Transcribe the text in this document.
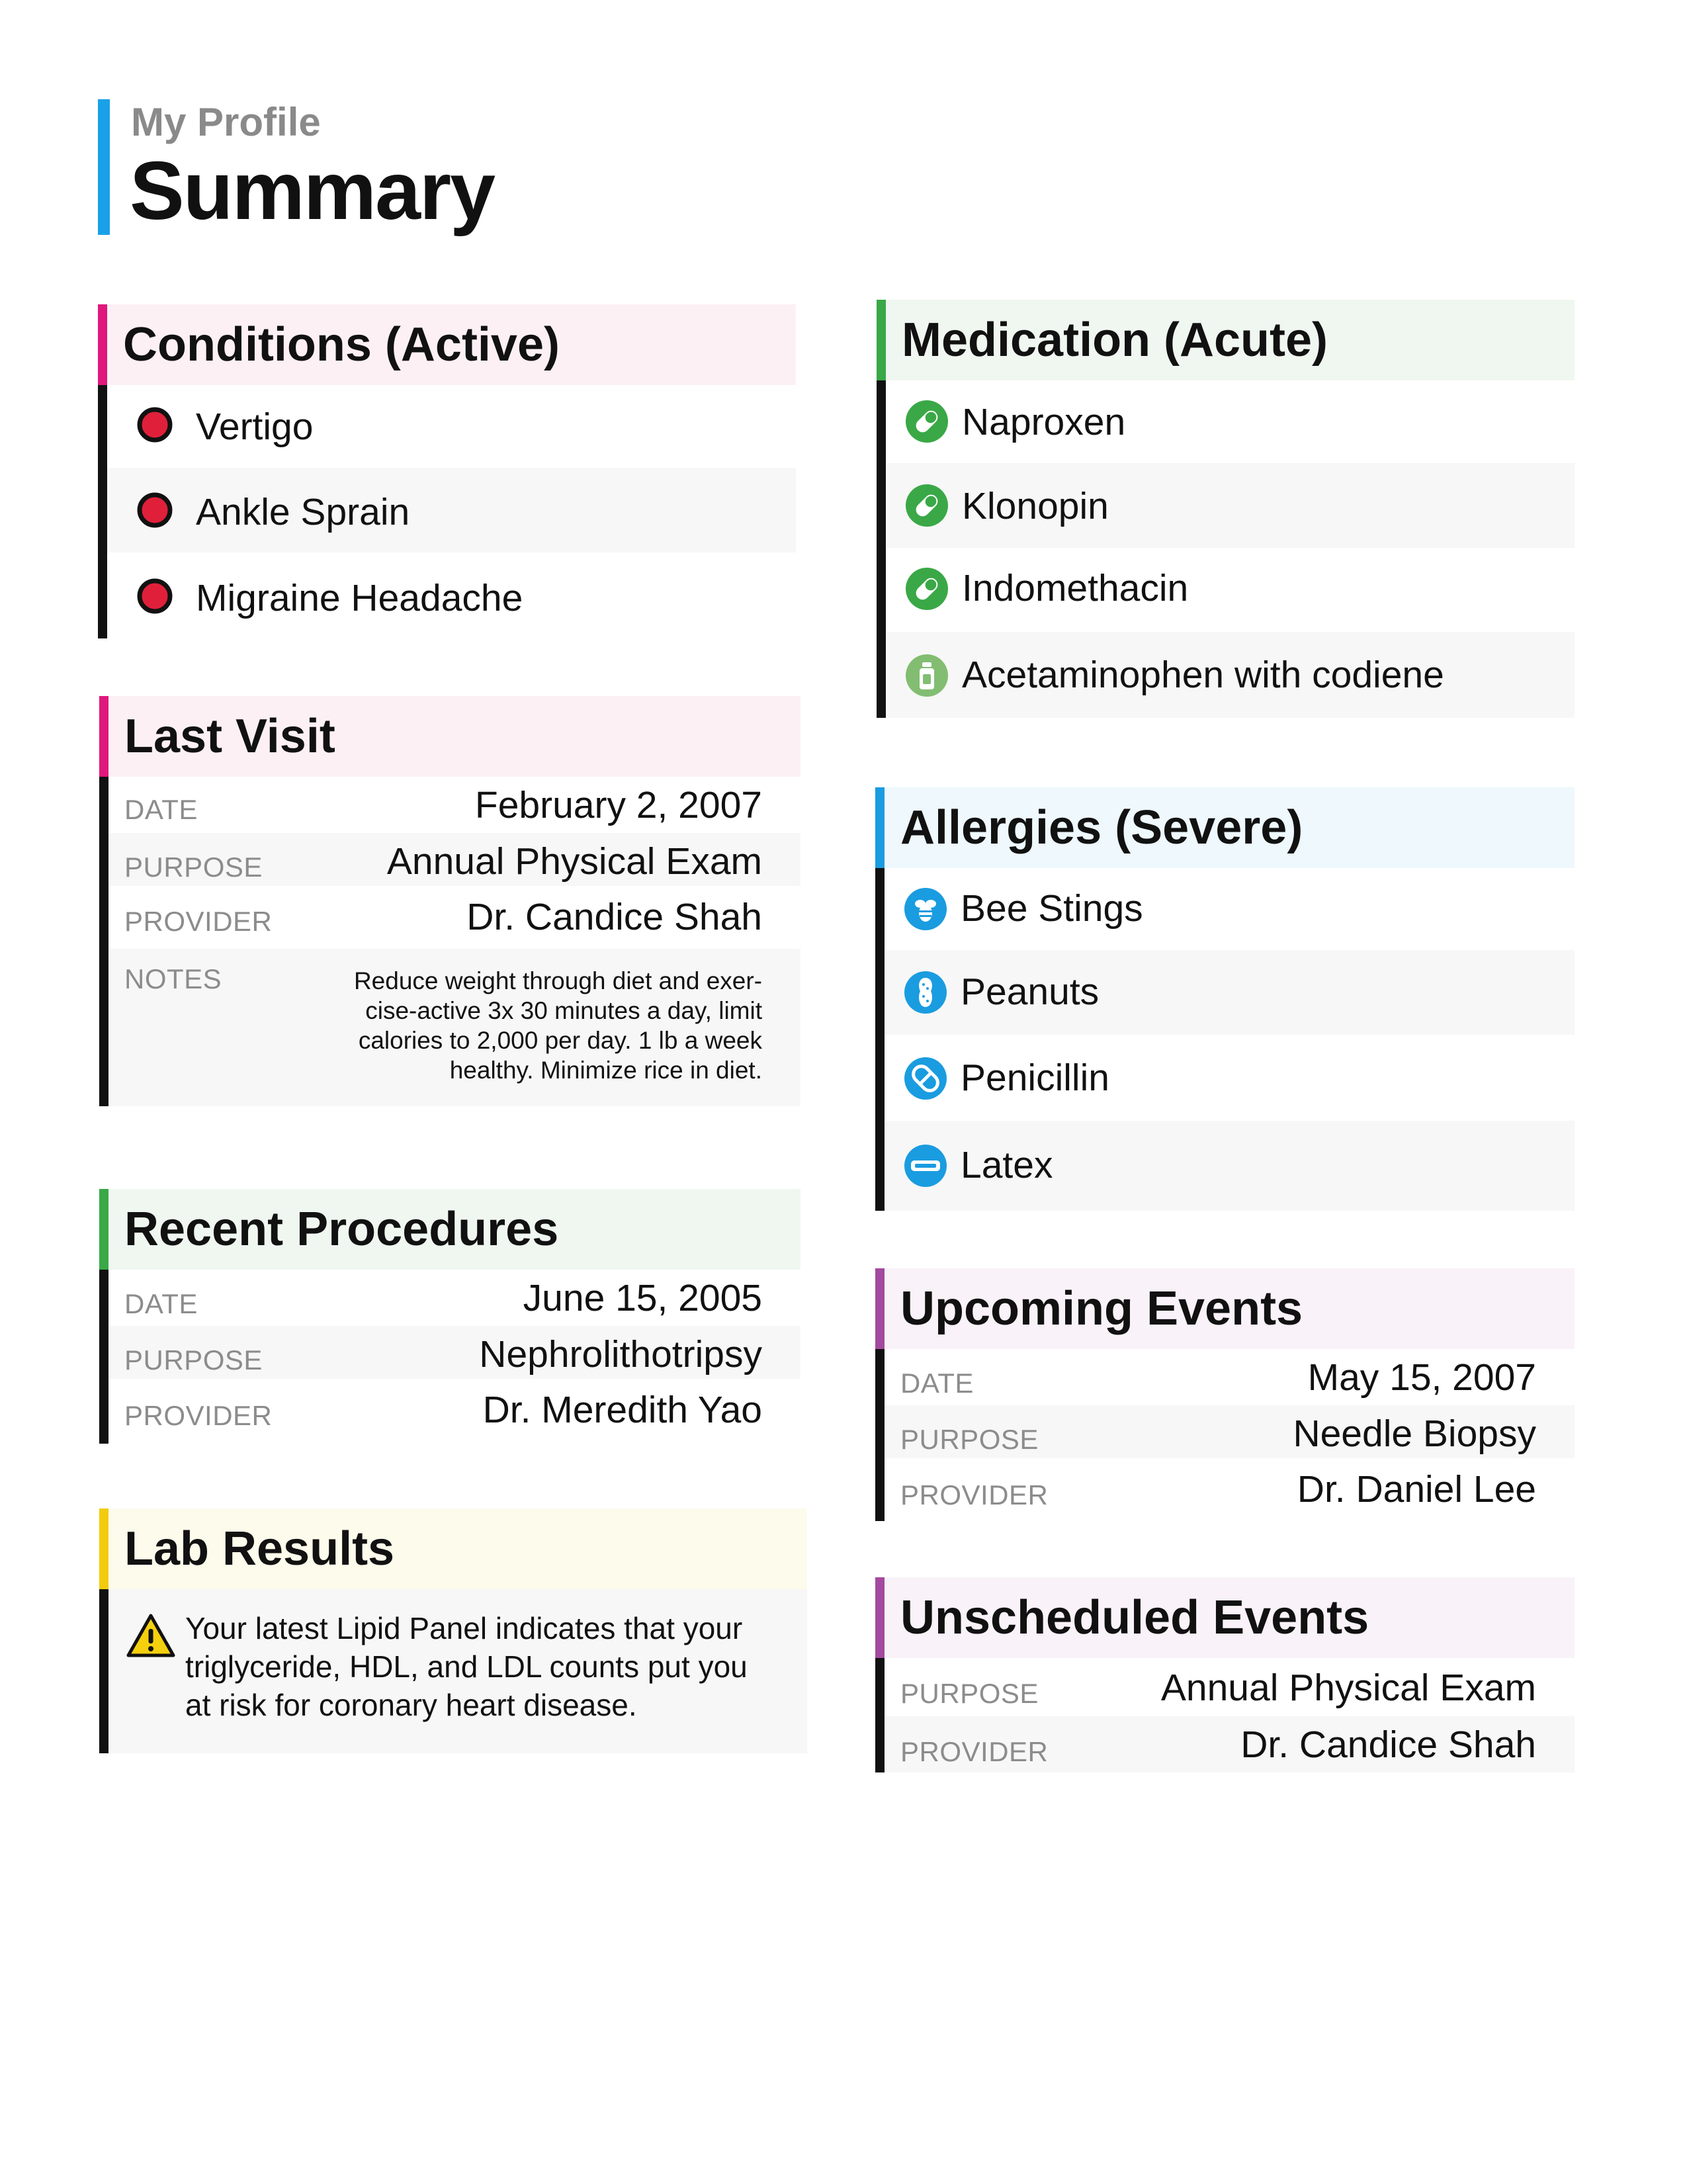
My Profile
Summary
Conditions (Active)
Vertigo
Ankle Sprain
Migraine Headache
Last Visit
DATE	February 2, 2007
PURPOSE	Annual Physical Exam
PROVIDER	Dr. Candice Shah
NOTES	Reduce weight through diet and exer-
cise-active 3x 30 minutes a day, limit
calories to 2,000 per day. 1 lb a week
healthy. Minimize rice in diet.
Recent Procedures
DATE	June 15, 2005
PURPOSE	Nephrolithotripsy
PROVIDER	Dr. Meredith Yao
Lab Results
Your latest Lipid Panel indicates that your
triglyceride, HDL, and LDL counts put you
at risk for coronary heart disease.
Medication (Acute)
Naproxen
Klonopin
Indomethacin
Acetaminophen with codiene
Allergies (Severe)
Bee Stings
Peanuts
Penicillin
Latex
Upcoming Events
DATE	May 15, 2007
PURPOSE	Needle Biopsy
PROVIDER	Dr. Daniel Lee
Unscheduled Events
PURPOSE	Annual Physical Exam
PROVIDER	Dr. Candice Shah
